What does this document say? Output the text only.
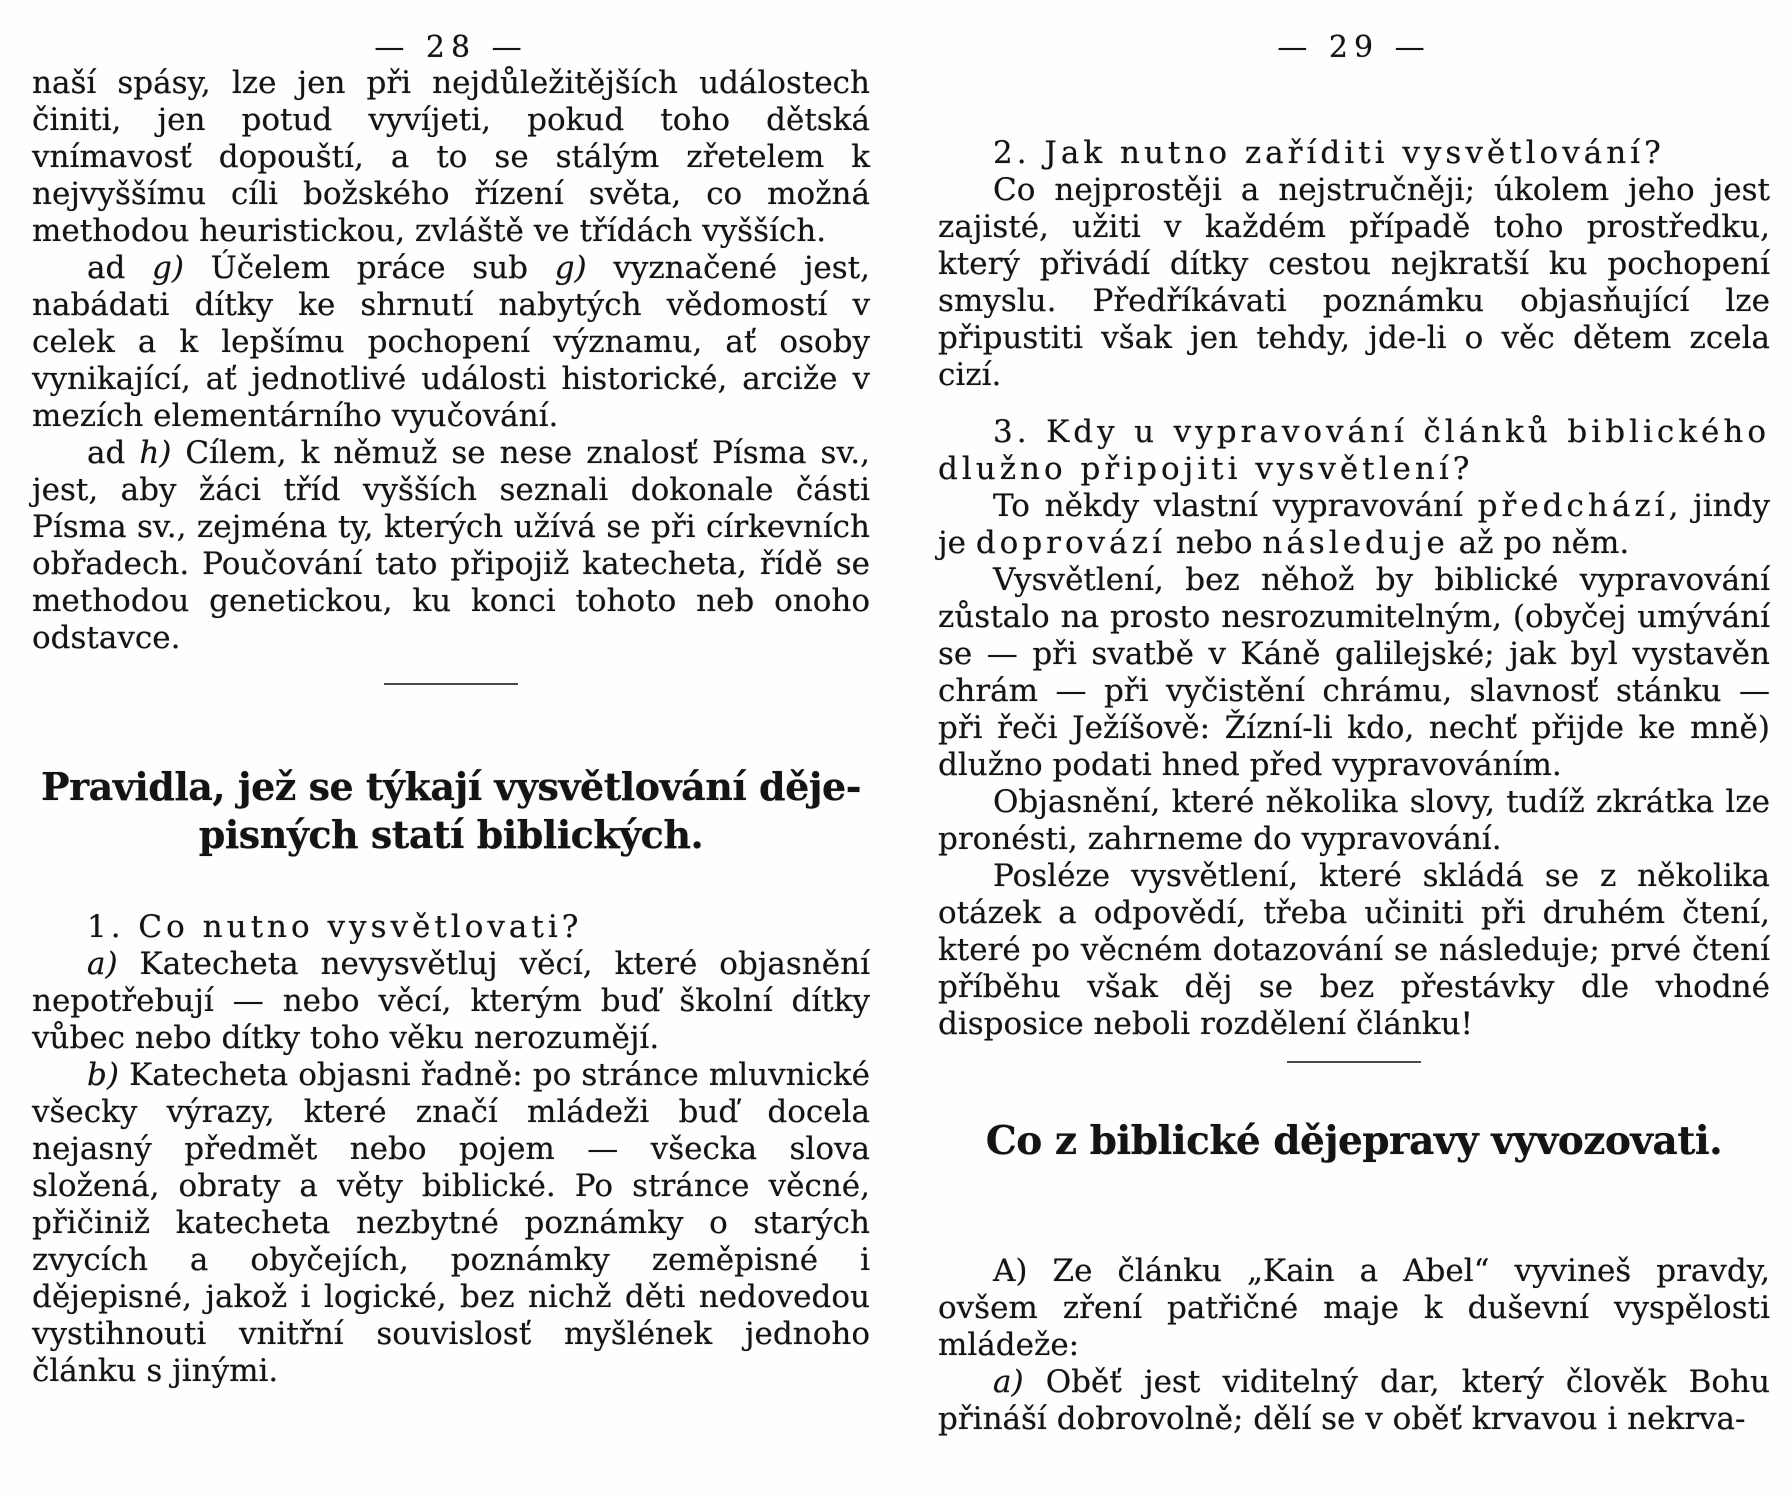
— 28 —

naší spásy, lze jen při nejdůležitějších událostech činiti, jen potud vyvíjeti, pokud toho dětská vnímavosť dopouští, a to se stálým zřetelem k nejvyššímu cíli božského řízení světa, co možná methodou heuristickou, zvláště ve třídách vyšších.

ad g) Účelem práce sub g) vyznačené jest, nabádati dítky ke shrnutí nabytých vědomostí v celek a k lepšímu pochopení významu, ať osoby vynikající, ať jednotlivé události historické, arciže v mezích elementárního vyučování.

ad h) Cílem, k němuž se nese znalosť Písma sv., jest, aby žáci tříd vyšších seznali dokonale části Písma sv., zejména ty, kterých užívá se při církevních obřadech. Poučování tato připojiž katecheta, řídě se methodou genetickou, ku konci tohoto neb onoho odstavce.

Pravidla, jež se týkají vysvětlování děje-
pisných statí biblických.

1. Co nutno vysvětlovati?

a) Katecheta nevysvětluj věcí, které objasnění nepotřebují — nebo věcí, kterým buď školní dítky vůbec nebo dítky toho věku nerozumějí.

b) Katecheta objasni řadně: po stránce mluvnické všecky výrazy, které značí mládeži buď docela nejasný předmět nebo pojem — všecka slova složená, obraty a věty biblické. Po stránce věcné, přičiniž katecheta nezbytné poznámky o starých zvycích a obyčejích, poznámky zeměpisné i dějepisné, jakož i logické, bez nichž děti nedovedou vystihnouti vnitřní souvislosť myšlének jednoho článku s jinými.

— 29 —

2. Jak nutno zaříditi vysvětlování?

Co nejprostěji a nejstručněji; úkolem jeho jest zajisté, užiti v každém případě toho prostředku, který přivádí dítky cestou nejkratší ku pochopení smyslu. Předříkávati poznámku objasňující lze připustiti však jen tehdy, jde-li o věc dětem zcela cizí.

3. Kdy u vypravování článků biblického dlužno připojiti vysvětlení?

To někdy vlastní vypravování předchází, jindy je doprovází nebo následuje až po něm.

Vysvětlení, bez něhož by biblické vypravování zůstalo na prosto nesrozumitelným, (obyčej umývání se — při svatbě v Káně galilejské; jak byl vystavěn chrám — při vyčistění chrámu, slavnosť stánku — při řeči Ježíšově: Žízní-li kdo, nechť přijde ke mně) dlužno podati hned před vypravováním.

Objasnění, které několika slovy, tudíž zkrátka lze pronésti, zahrneme do vypravování.

Posléze vysvětlení, které skládá se z několika otázek a odpovědí, třeba učiniti při druhém čtení, které po věcném dotazování se následuje; prvé čtení příběhu však děj se bez přestávky dle vhodné disposice neboli rozdělení článku!

Co z biblické dějepravy vyvozovati.

A) Ze článku „Kain a Abel“ vyvineš pravdy, ovšem zření patřičné maje k duševní vyspělosti mládeže:

a) Oběť jest viditelný dar, který člověk Bohu přináší dobrovolně; dělí se v oběť krvavou i nekrva-
